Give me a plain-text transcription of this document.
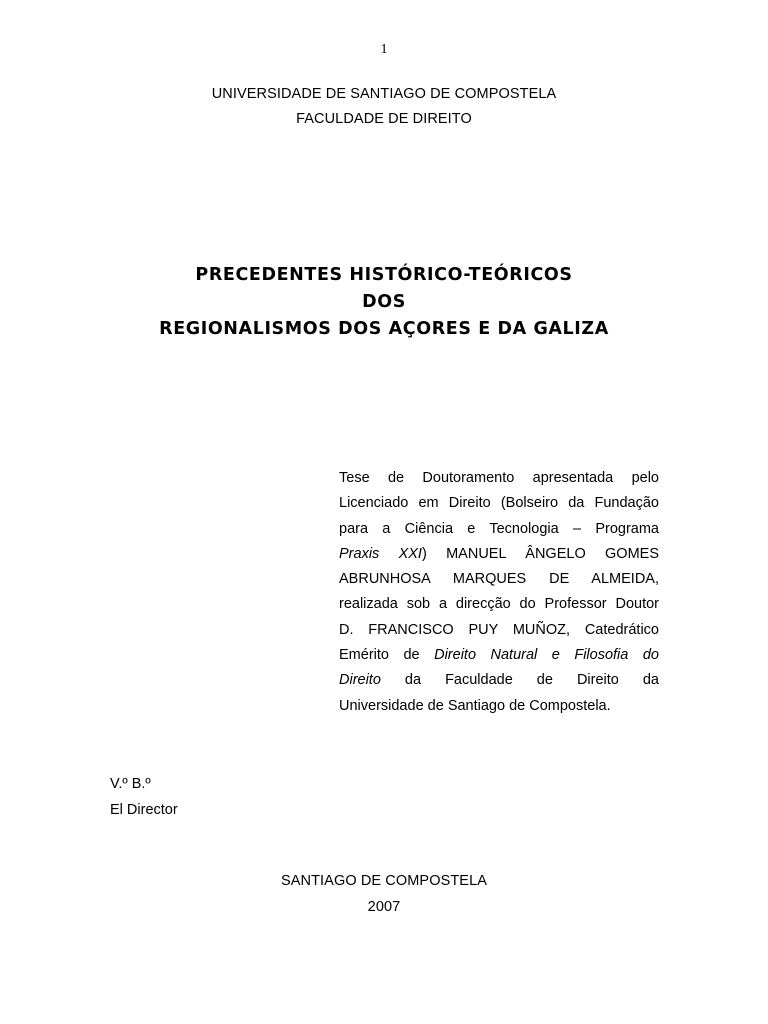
1
UNIVERSIDADE DE SANTIAGO DE COMPOSTELA
FACULDADE DE DIREITO
PRECEDENTES HISTÓRICO-TEÓRICOS
DOS
REGIONALISMOS DOS AÇORES E DA GALIZA
Tese de Doutoramento apresentada pelo
Licenciado em Direito (Bolseiro da Fundação
para a Ciência e Tecnologia – Programa
Praxis XXI) MANUEL ÂNGELO GOMES
ABRUNHOSA MARQUES DE ALMEIDA,
realizada sob a direcção do Professor Doutor
D. FRANCISCO PUY MUÑOZ, Catedrático
Emérito de Direito Natural e Filosofia do
Direito da Faculdade de Direito da
Universidade de Santiago de Compostela.
V.º B.º
El Director
SANTIAGO DE COMPOSTELA
2007
